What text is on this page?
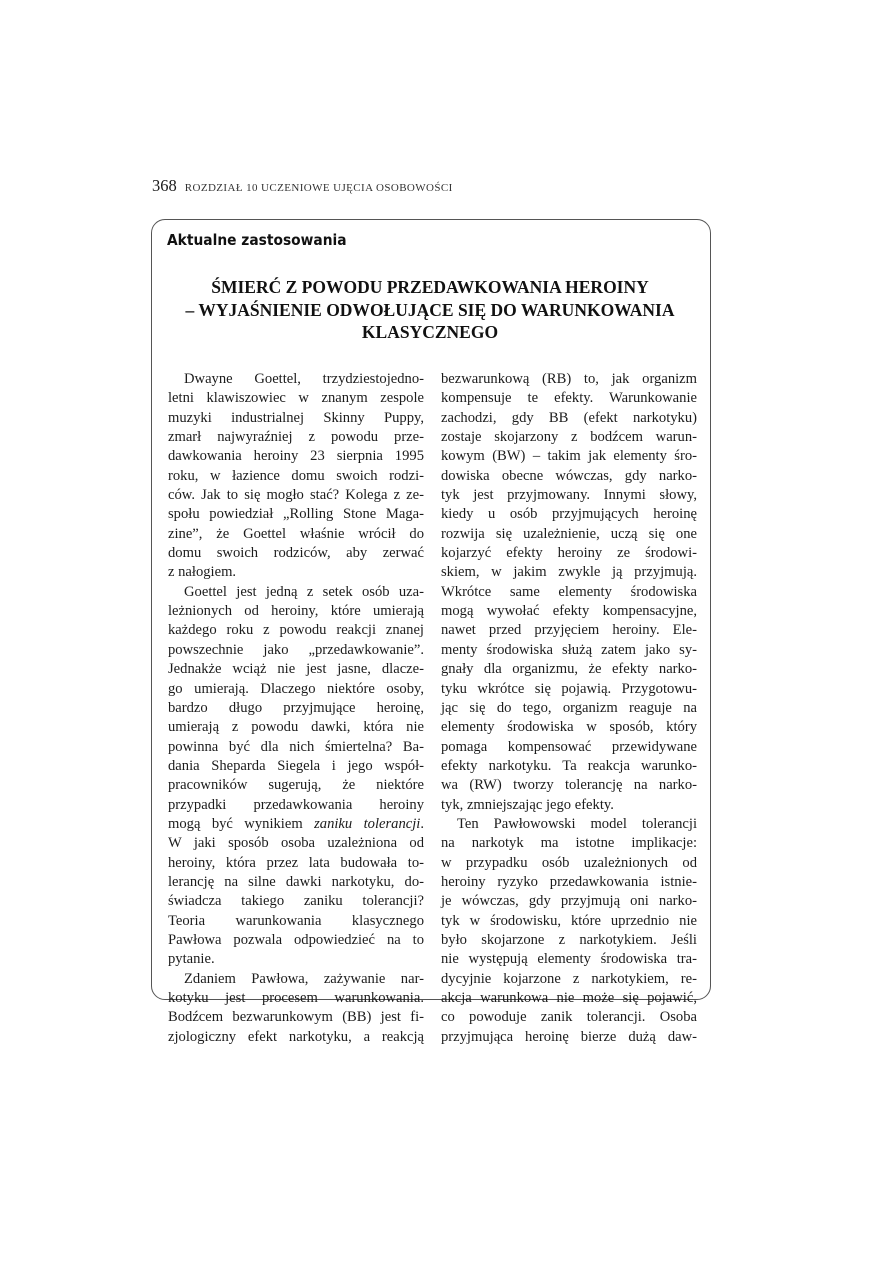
368 ROZDZIAŁ 10 UCZENIOWE UJĘCIA OSOBOWOŚCI
Aktualne zastosowania
ŚMIERĆ Z POWODU PRZEDAWKOWANIA HEROINY
– WYJAŚNIENIE ODWOŁUJĄCE SIĘ DO WARUNKOWANIA
KLASYCZNEGO
Dwayne Goettel, trzydziestojedno-
letni klawiszowiec w znanym zespole
muzyki industrialnej Skinny Puppy,
zmarł najwyraźniej z powodu prze-
dawkowania heroiny 23 sierpnia 1995
roku, w łazience domu swoich rodzi-
ców. Jak to się mogło stać? Kolega z ze-
społu powiedział „Rolling Stone Maga-
zine”, że Goettel właśnie wrócił do
domu swoich rodziców, aby zerwać
z nałogiem.
Goettel jest jedną z setek osób uza-
leżnionych od heroiny, które umierają
każdego roku z powodu reakcji znanej
powszechnie jako „przedawkowanie”.
Jednakże wciąż nie jest jasne, dlacze-
go umierają. Dlaczego niektóre osoby,
bardzo długo przyjmujące heroinę,
umierają z powodu dawki, która nie
powinna być dla nich śmiertelna? Ba-
dania Sheparda Siegela i jego współ-
pracowników sugerują, że niektóre
przypadki przedawkowania heroiny
mogą być wynikiem zaniku tolerancji.
W jaki sposób osoba uzależniona od
heroiny, która przez lata budowała to-
lerancję na silne dawki narkotyku, do-
świadcza takiego zaniku tolerancji?
Teoria warunkowania klasycznego
Pawłowa pozwala odpowiedzieć na to
pytanie.
Zdaniem Pawłowa, zażywanie nar-
kotyku jest procesem warunkowania.
Bodźcem bezwarunkowym (BB) jest fi-
zjologiczny efekt narkotyku, a reakcją
bezwarunkową (RB) to, jak organizm
kompensuje te efekty. Warunkowanie
zachodzi, gdy BB (efekt narkotyku)
zostaje skojarzony z bodźcem warun-
kowym (BW) – takim jak elementy śro-
dowiska obecne wówczas, gdy narko-
tyk jest przyjmowany. Innymi słowy,
kiedy u osób przyjmujących heroinę
rozwija się uzależnienie, uczą się one
kojarzyć efekty heroiny ze środowi-
skiem, w jakim zwykle ją przyjmują.
Wkrótce same elementy środowiska
mogą wywołać efekty kompensacyjne,
nawet przed przyjęciem heroiny. Ele-
menty środowiska służą zatem jako sy-
gnały dla organizmu, że efekty narko-
tyku wkrótce się pojawią. Przygotowu-
jąc się do tego, organizm reaguje na
elementy środowiska w sposób, który
pomaga kompensować przewidywane
efekty narkotyku. Ta reakcja warunko-
wa (RW) tworzy tolerancję na narko-
tyk, zmniejszając jego efekty.
Ten Pawłowowski model tolerancji
na narkotyk ma istotne implikacje:
w przypadku osób uzależnionych od
heroiny ryzyko przedawkowania istnie-
je wówczas, gdy przyjmują oni narko-
tyk w środowisku, które uprzednio nie
było skojarzone z narkotykiem. Jeśli
nie występują elementy środowiska tra-
dycyjnie kojarzone z narkotykiem, re-
akcja warunkowa nie może się pojawić,
co powoduje zanik tolerancji. Osoba
przyjmująca heroinę bierze dużą daw-
